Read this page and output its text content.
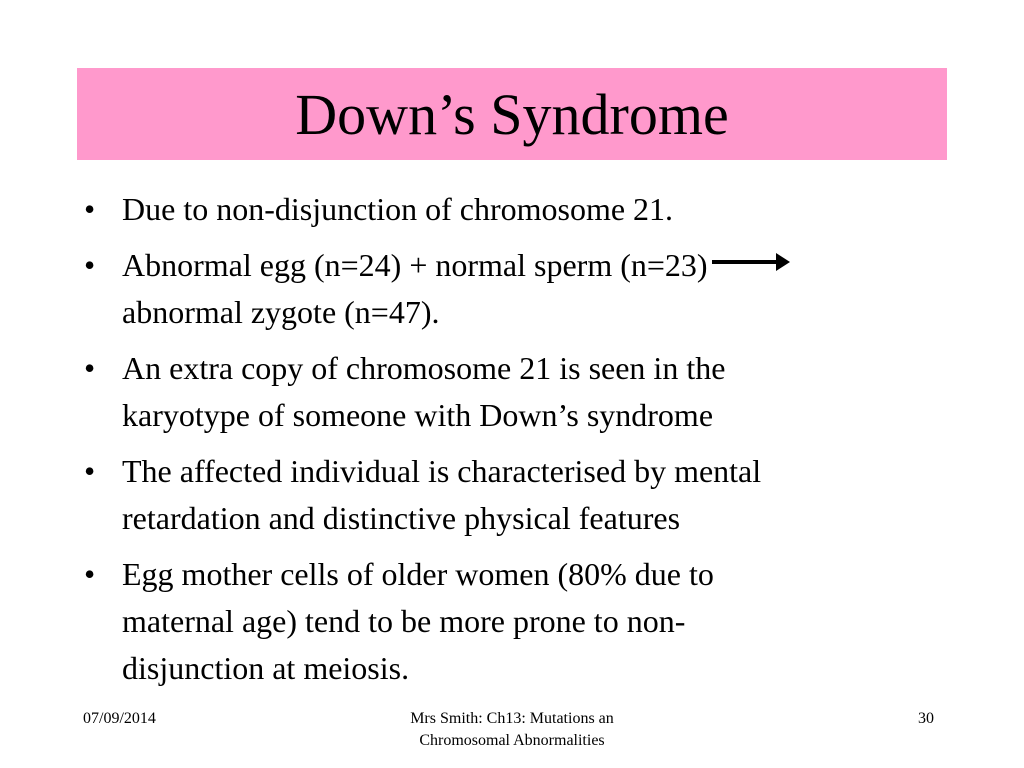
Down’s Syndrome
• Due to non-disjunction of chromosome 21.
• Abnormal egg (n=24) + normal sperm (n=23)
abnormal zygote (n=47).
• An extra copy of chromosome 21 is seen in the
karyotype of someone with Down’s syndrome
• The affected individual is characterised by mental
retardation and distinctive physical features
• Egg mother cells of older women (80% due to
maternal age) tend to be more prone to non-
disjunction at meiosis.
07/09/2014	Mrs Smith: Ch13: Mutations an
Chromosomal Abnormalities
30
